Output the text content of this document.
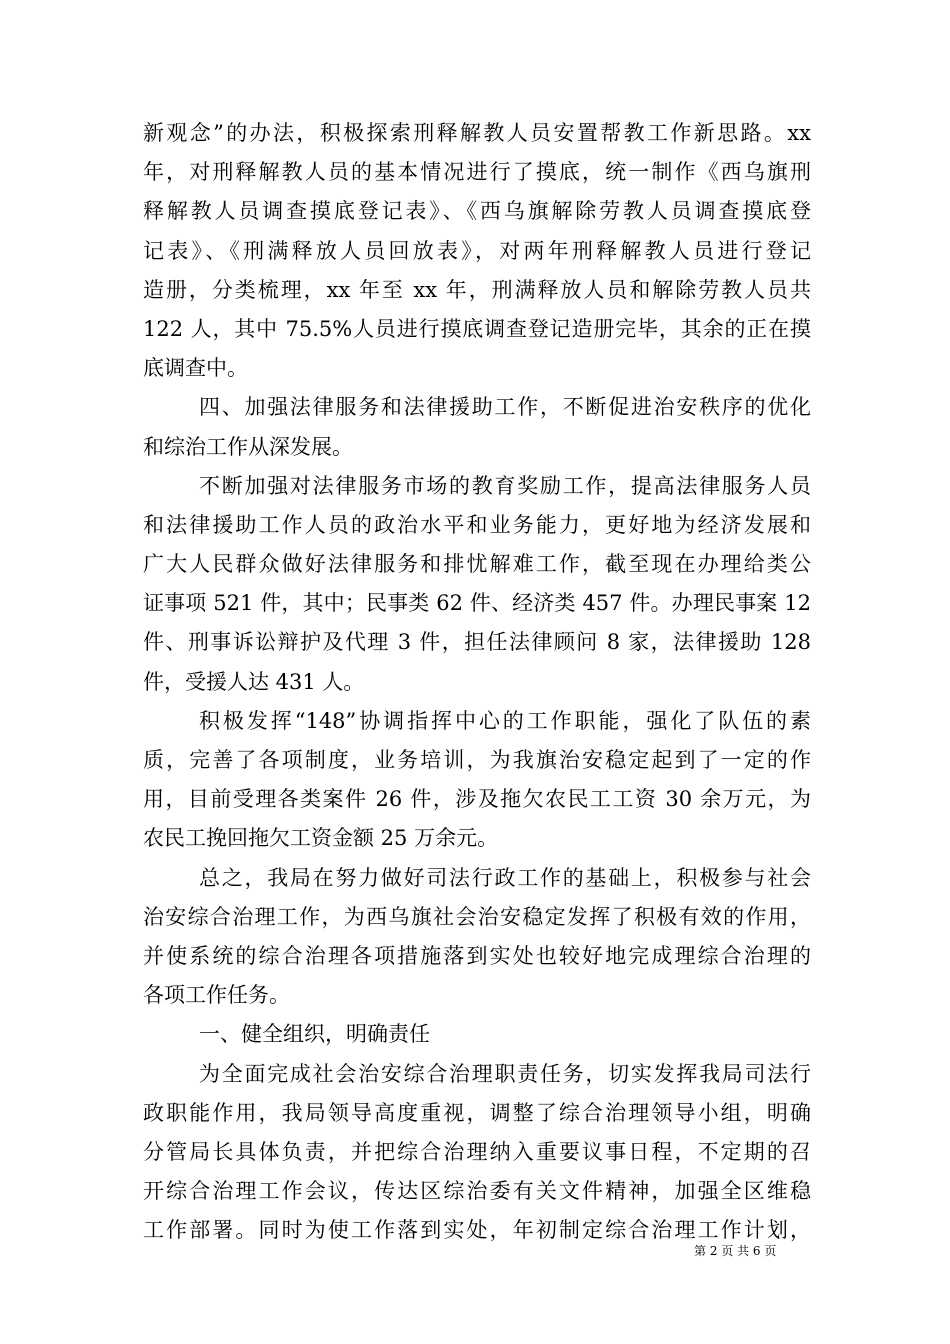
新观念”的办法，积极探索刑释解教人员安置帮教工作新思路。xx
年，对刑释解教人员的基本情况进行了摸底，统一制作《西乌旗刑
释解教人员调查摸底登记表》、《西乌旗解除劳教人员调查摸底登
记表》、《刑满释放人员回放表》，对两年刑释解教人员进行登记
造册，分类梳理，xx 年至 xx 年，刑满释放人员和解除劳教人员共
122 人，其中 75.5%人员进行摸底调查登记造册完毕，其余的正在摸
底调查中。
四、加强法律服务和法律援助工作，不断促进治安秩序的优化
和综治工作从深发展。
不断加强对法律服务市场的教育奖励工作，提高法律服务人员
和法律援助工作人员的政治水平和业务能力，更好地为经济发展和
广大人民群众做好法律服务和排忧解难工作，截至现在办理给类公
证事项 521 件，其中；民事类 62 件、经济类 457 件。办理民事案 12
件、刑事诉讼辩护及代理 3 件，担任法律顾问 8 家，法律援助 128
件，受援人达 431 人。
积极发挥“148”协调指挥中心的工作职能，强化了队伍的素
质，完善了各项制度，业务培训，为我旗治安稳定起到了一定的作
用，目前受理各类案件 26 件，涉及拖欠农民工工资 30 余万元，为
农民工挽回拖欠工资金额 25 万余元。
总之，我局在努力做好司法行政工作的基础上，积极参与社会
治安综合治理工作，为西乌旗社会治安稳定发挥了积极有效的作用，
并使系统的综合治理各项措施落到实处也较好地完成理综合治理的
各项工作任务。
一、健全组织，明确责任
为全面完成社会治安综合治理职责任务，切实发挥我局司法行
政职能作用，我局领导高度重视，调整了综合治理领导小组，明确
分管局长具体负责，并把综合治理纳入重要议事日程，不定期的召
开综合治理工作会议，传达区综治委有关文件精神，加强全区维稳
工作部署。同时为使工作落到实处，年初制定综合治理工作计划，
第 2 页 共 6 页
